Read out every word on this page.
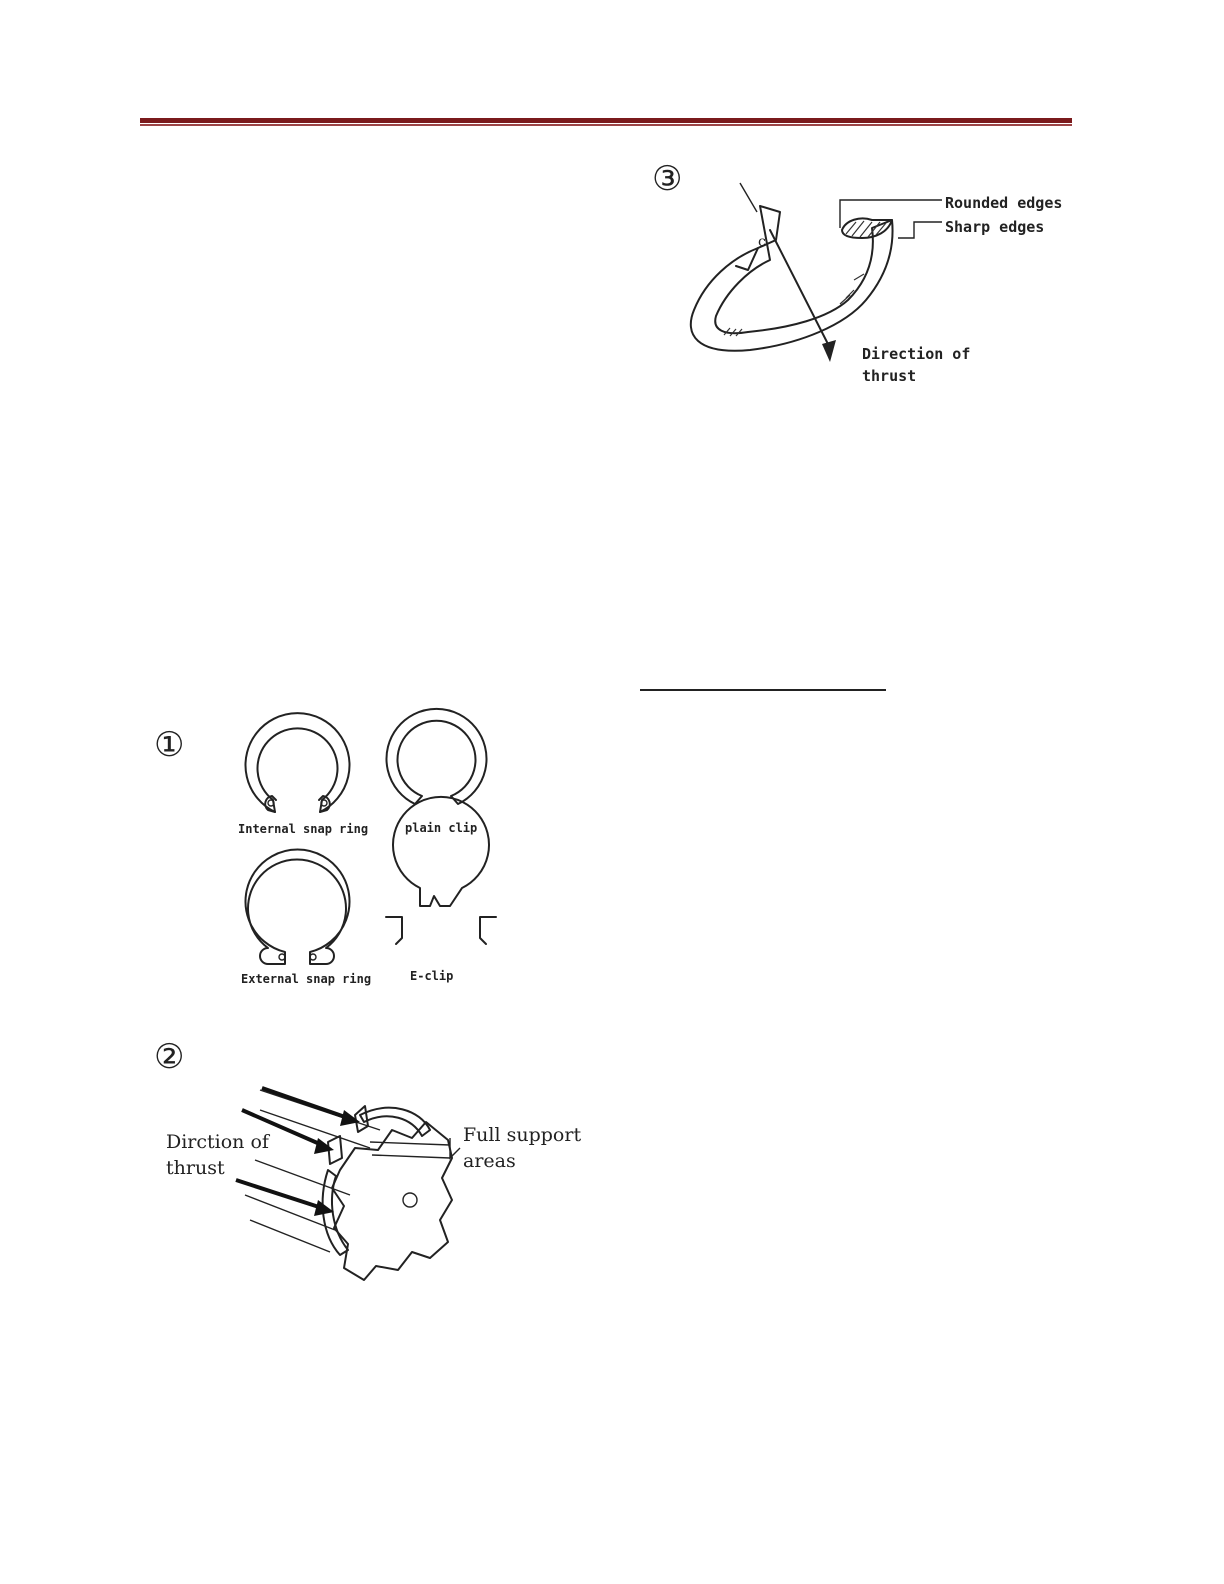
③
c
Rounded edges
Sharp edges
Direction of
thrust
①
Internal snap ring	plain clip
External snap ring	E-clip
②
Dirction of
thrust
Full support
areas
